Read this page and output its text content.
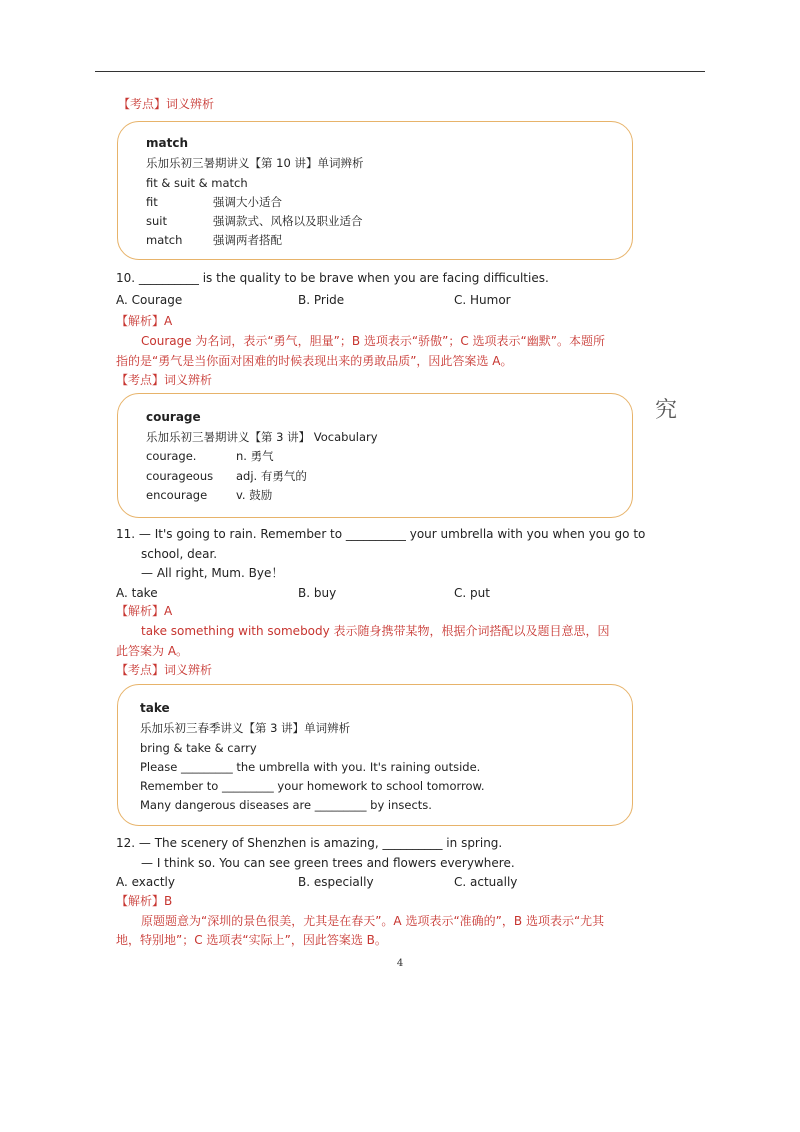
【考点】词义辨析
match
乐加乐初三暑期讲义【第 10 讲】单词辨析
fit & suit & match
fit	强调大小适合
suit	强调款式、风格以及职业适合
match	强调两者搭配
10. __________ is the quality to be brave when you are facing difficulties.
A. Courage	B. Pride	C. Humor
【解析】A
Courage 为名词，表示“勇气，胆量”；B 选项表示“骄傲”；C 选项表示“幽默”。本题所
指的是“勇气是当你面对困难的时候表现出来的勇敢品质”，因此答案选 A。
【考点】词义辨析
courage
乐加乐初三暑期讲义【第 3 讲】 Vocabulary
courage.	n. 勇气
courageous adj. 有勇气的
encourage	v. 鼓励
究
11. — It's going to rain. Remember to __________ your umbrella with you when you go to
school, dear.
— All right, Mum. Bye！
A. take	B. buy	C. put
【解析】A
take something with somebody 表示随身携带某物，根据介词搭配以及题目意思，因
此答案为 A。
【考点】词义辨析
take
乐加乐初三春季讲义【第 3 讲】单词辨析
bring & take & carry
Please _________ the umbrella with you. It's raining outside.
Remember to _________ your homework to school tomorrow.
Many dangerous diseases are _________ by insects.
12. — The scenery of Shenzhen is amazing, __________ in spring.
— I think so. You can see green trees and flowers everywhere.
A. exactly	B. especially	C. actually
【解析】B
原题题意为“深圳的景色很美，尤其是在春天”。A 选项表示“准确的”，B 选项表示“尤其
地，特别地”；C 选项表“实际上”，因此答案选 B。
4
